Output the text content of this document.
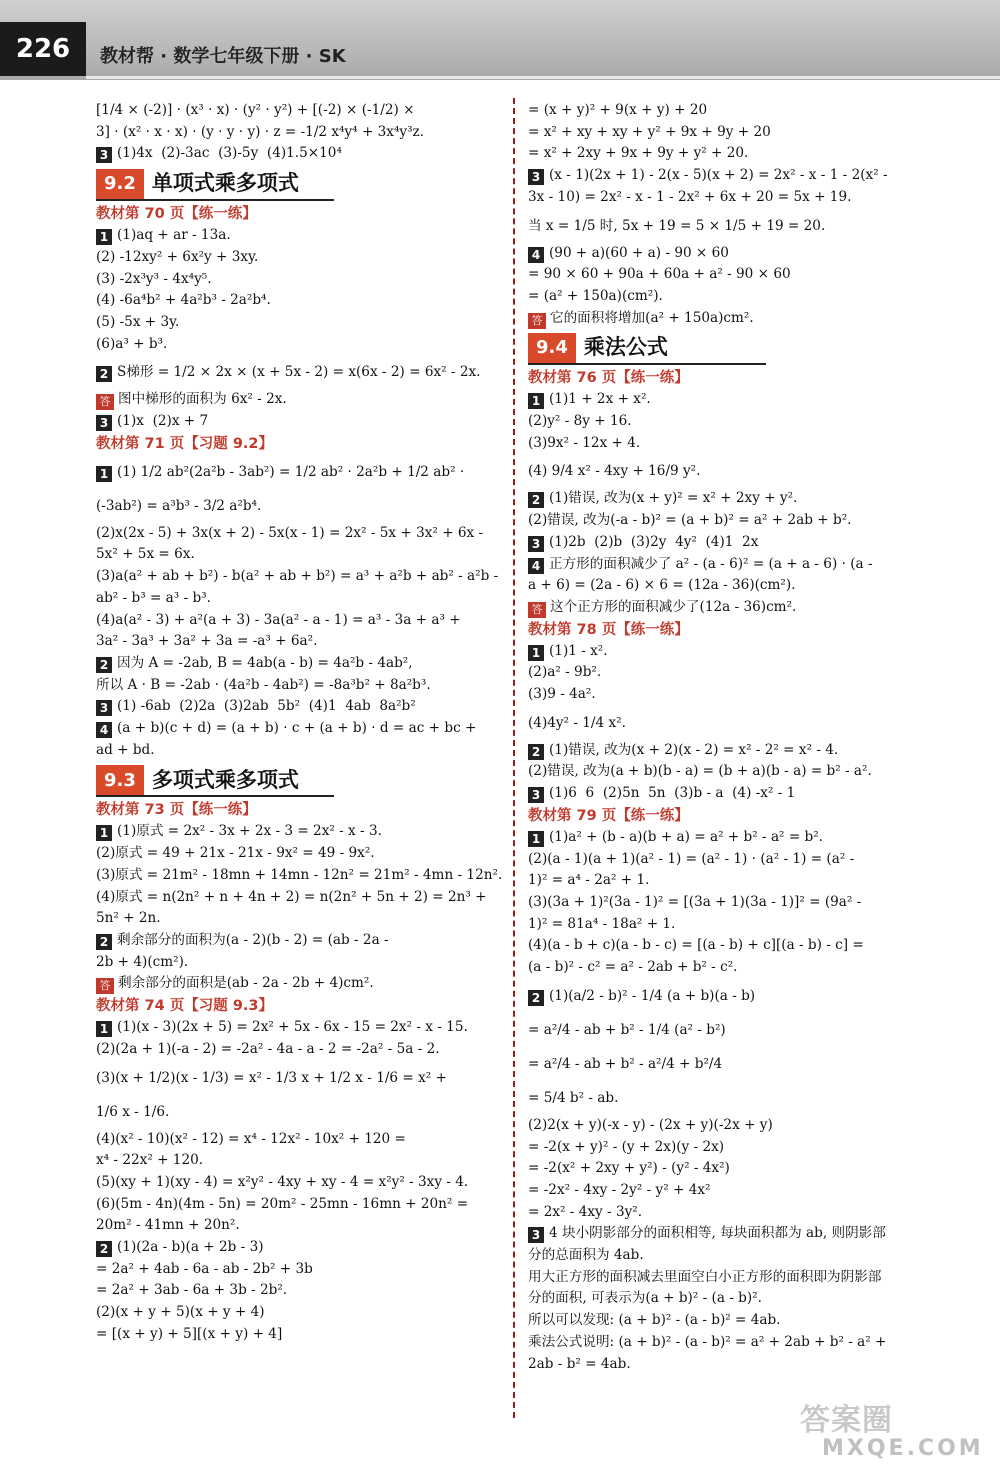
226	教材帮 · 数学七年级下册 · SK
[1/4 × (-2)] · (x³ · x) · (y² · y²) + [(-2) × (-1/2) ×
3] · (x² · x · x) · (y · y · y) · z = -1/2 x⁴y⁴ + 3x⁴y³z.
3 (1)4x  (2)-3ac  (3)-5y  (4)1.5×10⁴
9.2 单项式乘多项式
教材第 70 页【练一练】
1 (1)aq + ar - 13a.
(2) -12xy² + 6x²y + 3xy.
(3) -2x³y³ - 4x⁴y⁵.
(4) -6a⁴b² + 4a²b³ - 2a²b⁴.
(5) -5x + 3y.
(6)a³ + b³.
2 S梯形 = 1/2 × 2x × (x + 5x - 2) = x(6x - 2) = 6x² - 2x.
答 图中梯形的面积为 6x² - 2x.
3 (1)x  (2)x + 7
教材第 71 页【习题 9.2】
1 (1) 1/2 ab²(2a²b - 3ab²) = 1/2 ab² · 2a²b + 1/2 ab² ·
(-3ab²) = a³b³ - 3/2 a²b⁴.
(2)x(2x - 5) + 3x(x + 2) - 5x(x - 1) = 2x² - 5x + 3x² + 6x -
5x² + 5x = 6x.
(3)a(a² + ab + b²) - b(a² + ab + b²) = a³ + a²b + ab² - a²b -
ab² - b³ = a³ - b³.
(4)a(a² - 3) + a²(a + 3) - 3a(a² - a - 1) = a³ - 3a + a³ +
3a² - 3a³ + 3a² + 3a = -a³ + 6a².
2 因为 A = -2ab, B = 4ab(a - b) = 4a²b - 4ab²,
所以 A · B = -2ab · (4a²b - 4ab²) = -8a³b² + 8a²b³.
3 (1) -6ab  (2)2a  (3)2ab  5b²  (4)1  4ab  8a²b²
4 (a + b)(c + d) = (a + b) · c + (a + b) · d = ac + bc +
ad + bd.
9.3 多项式乘多项式
教材第 73 页【练一练】
1 (1)原式 = 2x² - 3x + 2x - 3 = 2x² - x - 3.
(2)原式 = 49 + 21x - 21x - 9x² = 49 - 9x².
(3)原式 = 21m² - 18mn + 14mn - 12n² = 21m² - 4mn - 12n².
(4)原式 = n(2n² + n + 4n + 2) = n(2n² + 5n + 2) = 2n³ +
5n² + 2n.
2 剩余部分的面积为(a - 2)(b - 2) = (ab - 2a -
2b + 4)(cm²).
答 剩余部分的面积是(ab - 2a - 2b + 4)cm².
教材第 74 页【习题 9.3】
1 (1)(x - 3)(2x + 5) = 2x² + 5x - 6x - 15 = 2x² - x - 15.
(2)(2a + 1)(-a - 2) = -2a² - 4a - a - 2 = -2a² - 5a - 2.
(3)(x + 1/2)(x - 1/3) = x² - 1/3 x + 1/2 x - 1/6 = x² +
1/6 x - 1/6.
(4)(x² - 10)(x² - 12) = x⁴ - 12x² - 10x² + 120 =
x⁴ - 22x² + 120.
(5)(xy + 1)(xy - 4) = x²y² - 4xy + xy - 4 = x²y² - 3xy - 4.
(6)(5m - 4n)(4m - 5n) = 20m² - 25mn - 16mn + 20n² =
20m² - 41mn + 20n².
2 (1)(2a - b)(a + 2b - 3)
= 2a² + 4ab - 6a - ab - 2b² + 3b
= 2a² + 3ab - 6a + 3b - 2b².
(2)(x + y + 5)(x + y + 4)
= [(x + y) + 5][(x + y) + 4]
= (x + y)² + 9(x + y) + 20
= x² + xy + xy + y² + 9x + 9y + 20
= x² + 2xy + 9x + 9y + y² + 20.
3 (x - 1)(2x + 1) - 2(x - 5)(x + 2) = 2x² - x - 1 - 2(x² -
3x - 10) = 2x² - x - 1 - 2x² + 6x + 20 = 5x + 19.
当 x = 1/5 时, 5x + 19 = 5 × 1/5 + 19 = 20.
4 (90 + a)(60 + a) - 90 × 60
= 90 × 60 + 90a + 60a + a² - 90 × 60
= (a² + 150a)(cm²).
答 它的面积将增加(a² + 150a)cm².
9.4 乘法公式
教材第 76 页【练一练】
1 (1)1 + 2x + x².
(2)y² - 8y + 16.
(3)9x² - 12x + 4.
(4) 9/4 x² - 4xy + 16/9 y².
2 (1)错误, 改为(x + y)² = x² + 2xy + y².
(2)错误, 改为(-a - b)² = (a + b)² = a² + 2ab + b².
3 (1)2b  (2)b  (3)2y  4y²  (4)1  2x
4 正方形的面积减少了 a² - (a - 6)² = (a + a - 6) · (a -
a + 6) = (2a - 6) × 6 = (12a - 36)(cm²).
答 这个正方形的面积减少了(12a - 36)cm².
教材第 78 页【练一练】
1 (1)1 - x².
(2)a² - 9b².
(3)9 - 4a².
(4)4y² - 1/4 x².
2 (1)错误, 改为(x + 2)(x - 2) = x² - 2² = x² - 4.
(2)错误, 改为(a + b)(b - a) = (b + a)(b - a) = b² - a².
3 (1)6  6  (2)5n  5n  (3)b - a  (4) -x² - 1
教材第 79 页【练一练】
1 (1)a² + (b - a)(b + a) = a² + b² - a² = b².
(2)(a - 1)(a + 1)(a² - 1) = (a² - 1) · (a² - 1) = (a² -
1)² = a⁴ - 2a² + 1.
(3)(3a + 1)²(3a - 1)² = [(3a + 1)(3a - 1)]² = (9a² -
1)² = 81a⁴ - 18a² + 1.
(4)(a - b + c)(a - b - c) = [(a - b) + c][(a - b) - c] =
(a - b)² - c² = a² - 2ab + b² - c².
2 (1)(a/2 - b)² - 1/4 (a + b)(a - b)
= a²/4 - ab + b² - 1/4 (a² - b²)
= a²/4 - ab + b² - a²/4 + b²/4
= 5/4 b² - ab.
(2)2(x + y)(-x - y) - (2x + y)(-2x + y)
= -2(x + y)² - (y + 2x)(y - 2x)
= -2(x² + 2xy + y²) - (y² - 4x²)
= -2x² - 4xy - 2y² - y² + 4x²
= 2x² - 4xy - 3y².
3 4 块小阴影部分的面积相等, 每块面积都为 ab, 则阴影部
分的总面积为 4ab.
用大正方形的面积减去里面空白小正方形的面积即为阴影部
分的面积, 可表示为(a + b)² - (a - b)².
所以可以发现: (a + b)² - (a - b)² = 4ab.
乘法公式说明: (a + b)² - (a - b)² = a² + 2ab + b² - a² +
2ab - b² = 4ab.
答案圈
MXQE.COM
